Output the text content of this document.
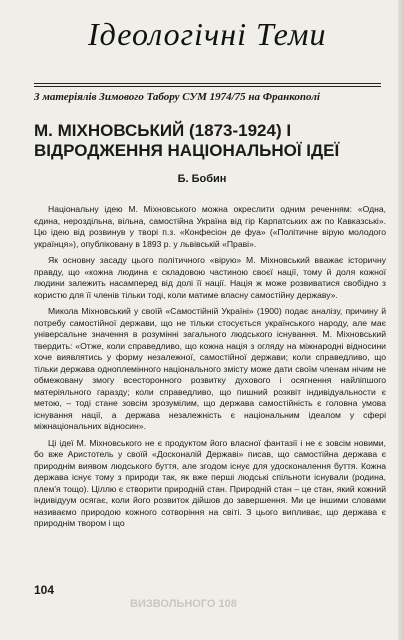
Ідеологічні Теми
З матеріялів Зимового Табору СУМ 1974/75 на Франкополі
М. МІХНОВСЬКИЙ (1873-1924) І ВІДРОДЖЕННЯ НАЦІОНАЛЬНОЇ ІДЕЇ
Б. Бобин

Національну ідею М. Міхновського можна окреслити одним реченням: «Одна, єдина, нероздільна, вільна, самостійна Україна від гір Карпатських аж по Кавказські». Цю ідею від розвинув у творі п.з. «Конфесіон де фуа» («Політичне вірую молодого українця»), опубліковану в 1893 р. у львівській «Праві».

Як основну засаду цього політичного «вірую» М. Міхновський вважає історичну правду, що «кожна людина є складовою частиною своєї нації, тому й доля кожної людини залежить насамперед від долі її нації. Нація ж може розвиватися свобідно з користю для її членів тільки тоді, коли матиме власну самостійну державу».

Микола Міхновський у своїй «Самостійній Україні» (1900) подає аналізу, причину й потребу самостійної держави, що не тільки стосується українського народу, але має універсальне значення в розумінні загального людського існування. М. Міхновський твердить: «Отже, коли справедливо, що кожна нація з огляду на міжнародні відносини хоче виявлятись у форму незалежної, самостійної держави; коли справедливо, що тільки держава одноплемінного національного змісту може дати своїм членам нічим не обмежовану змогу всесторонного розвитку духового і осягнення найліпшого матеріяльного гаразду; коли справедливо, що пишний розквіт індивідуальности є метою, – тоді стане зовсім зрозумілим, що держава самостійність є головна умова існування нації, а держава незалежність є національним ідеалом у сфері міжнаціональних відносин».

Ці ідеї М. Міхновського не є продуктом його власної фантазії і не є зовсім новими, бо вже Аристотель у своїй «Досконалій Державі» писав, що самостійна держава є природнім виявом людського буття, але згодом існує для удосконалення буття. Кожна держава існує тому з природи так, як вже перші людські спільноти існували (родина, плем'я тощо). Ціллю є створити природній стан. Природній стан – це стан, який кожний індивідуум осягає, коли його розвиток дійшов до завершення. Ми це іншими словами називаємо природою кожного сотворіння на світі. З цього випливає, що держава є природнім твором і що

104
ВИЗВОЛЬНОГО 108
